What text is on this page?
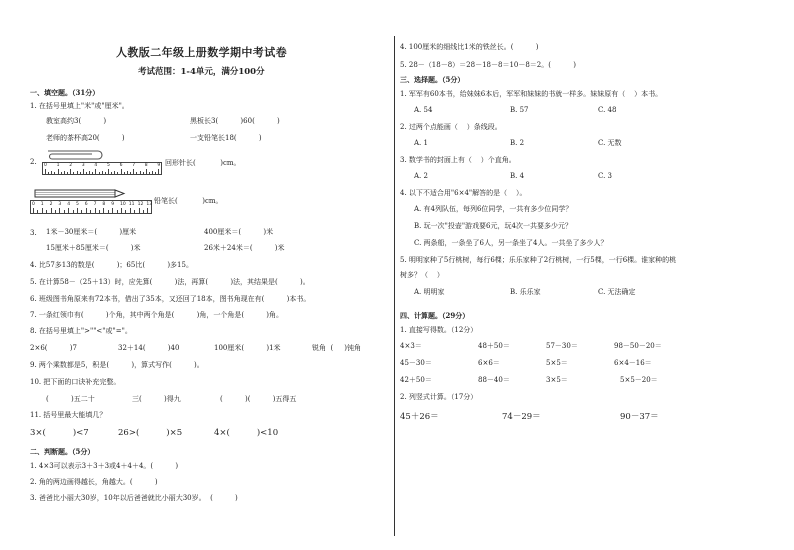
人教版二年级上册数学期中考试卷
考试范围：1-4单元，满分100分
一、填空题。（31分）
1. 在括号里填上"米"或"厘米"。
教室高约3(          )	黑板长3(          )60(          )
老师的茶杯高20(          )	一支铅笔长18(          )
2. 0 1 2 3 4 5 6 7 8 9 回形针长(           )cm。
0 1 2 3 4 5 6 7 8 9 10 11 12 13 铅笔长(           )cm。
3. 1米－30厘米＝(          )厘米	400厘米＝(          )米
15厘米＋85厘米＝(          )米	26米＋24米＝(          )米
4. 比57多13的数是(          )；65比(          )多15。
5. 在计算58－（25＋13）时，应先算(          )法，再算(          )法，其结果是(          )。
6. 班级图书角原来有72本书，借出了35本，又还回了18本，图书角现在有(          )本书。
7. 一条红领巾有(          )个角，其中两个角是(          )角，一个角是(          )角。
8. 在括号里填上">""<"或"="。
2×6(          )7	32＋14(          )40	100厘米(          )1米	锐角  (     )钝角
9. 两个乘数都是5，积是(          )，算式写作(          )。
10. 把下面的口诀补充完整。
(          )五二十	三(          )得九	(          )(          )五得五
11. 括号里最大能填几？
3×(          )<7	26>(          )×5	4×(          )<10
二、判断题。（5分）
1. 4×3可以表示3＋3＋3或4＋4＋4。(          )
2. 角的两边画得越长，角越大。(          )
3. 爸爸比小丽大30岁，10年以后爸爸就比小丽大30岁。  (          )
4. 100厘米的细线比1米的铁丝长。(          )
5. 28－（18－8）＝28－18－8＝10－8＝2。(          )
三、选择题。（5分）
1. 军军有60本书，给妹妹6本后，军军和妹妹的书就一样多。妹妹原有（    ）本书。
A. 54	B. 57	C. 48
2. 过两个点能画（    ）条线段。
A. 1	B. 2	C. 无数
3. 数学书的封面上有（    ）个直角。
A. 2	B. 4	C. 3
4. 以下不适合用"6×4"解答的是（    ）。
A. 有4列队伍，每列6位同学，一共有多少位同学？
B. 玩一次"投壶"游戏要6元，玩4次一共要多少元？
C. 两条船，一条坐了6人，另一条坐了4人。一共坐了多少人？
5. 明明家种了5行桃树，每行6棵；乐乐家种了2行桃树，一行5棵，一行6棵。谁家种的桃
树多？（    ）
A. 明明家	B. 乐乐家	C. 无法确定
四、计算题。（29分）
1. 直接写得数。（12分）
4×3＝	48＋50＝	57－30＝	98－50－20＝
45－30＝	6×6＝	5×5＝	6×4－16＝
42＋50＝	88－40＝	3×5＝	5×5－20＝
2. 列竖式计算。（17分）
45＋26＝	74－29＝	90－37＝
